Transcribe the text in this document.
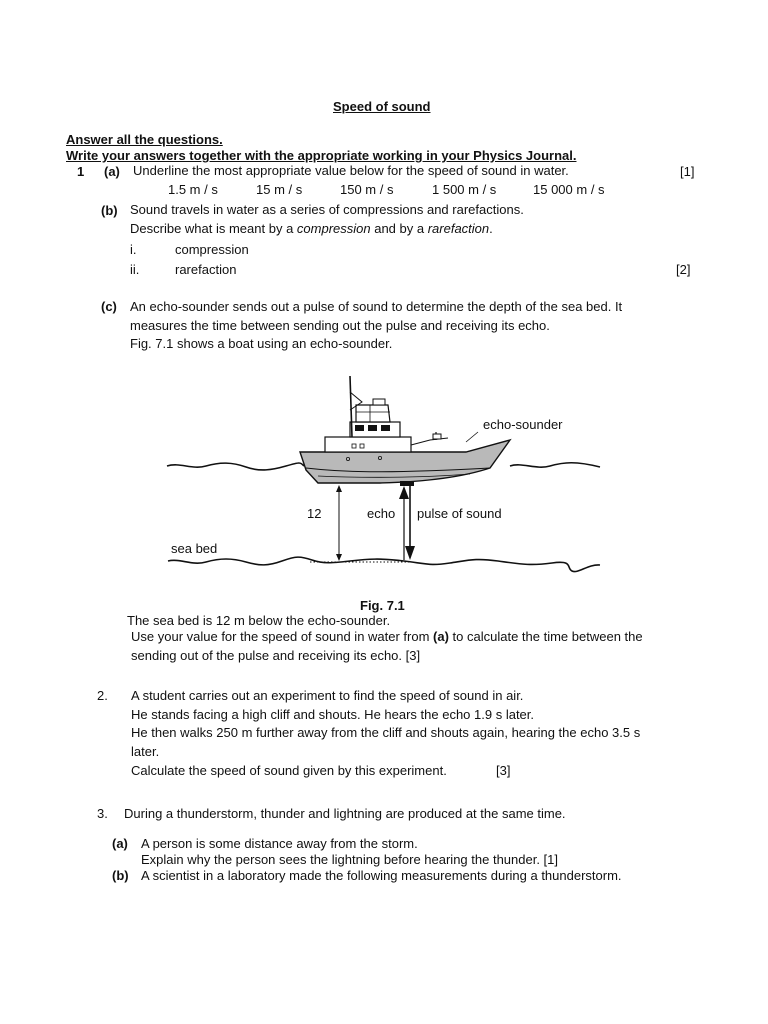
Speed of sound
Answer all the questions.
Write your answers together with the appropriate working in your Physics Journal.
1 (a) Underline the most appropriate value below for the speed of sound in water.	[1]
1.5 m / s	15 m / s	150 m / s	1 500 m / s	15 000 m / s
(b) Sound travels in water as a series of compressions and rarefactions.
Describe what is meant by a compression and by a rarefaction.
i.	compression
ii.	rarefaction	[2]
(c) An echo-sounder sends out a pulse of sound to determine the depth of the sea bed. It
measures the time between sending out the pulse and receiving its echo.
Fig. 7.1 shows a boat using an echo-sounder.
echo-sounder
12	echo pulse of sound
sea bed
Fig. 7.1
The sea bed is 12 m below the echo-sounder.
Use your value for the speed of sound in water from (a) to calculate the time between the
sending out of the pulse and receiving its echo. [3]
2. A student carries out an experiment to find the speed of sound in air.
He stands facing a high cliff and shouts. He hears the echo 1.9 s later.
He then walks 250 m further away from the cliff and shouts again, hearing the echo 3.5 s
later.
Calculate the speed of sound given by this experiment.	[3]
3. During a thunderstorm, thunder and lightning are produced at the same time.
(a) A person is some distance away from the storm.
Explain why the person sees the lightning before hearing the thunder. [1]
(b) A scientist in a laboratory made the following measurements during a thunderstorm.
